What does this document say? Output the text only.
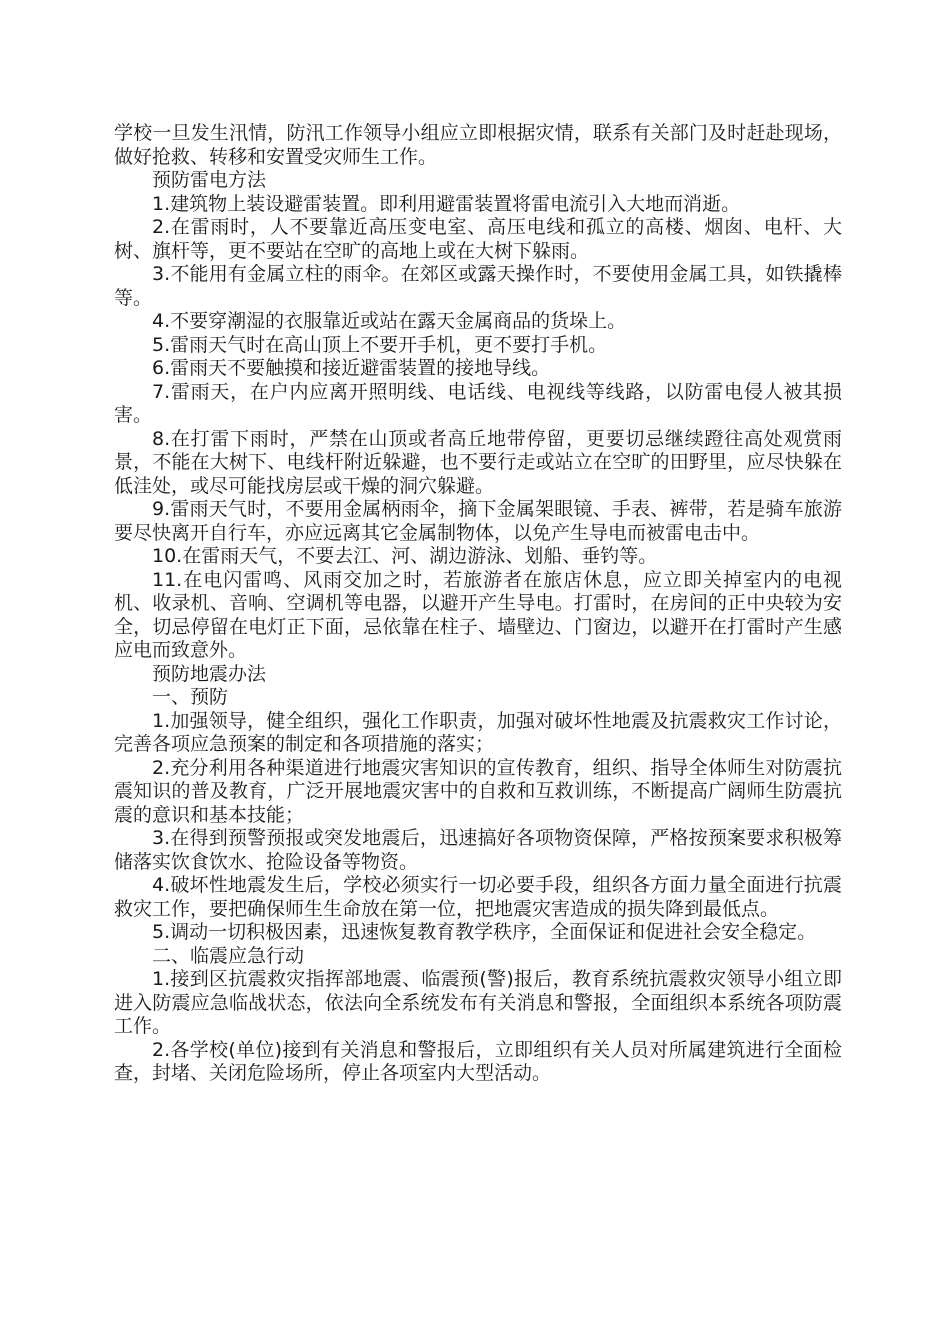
学校一旦发生汛情，防汛工作领导小组应立即根据灾情，联系有关部门及时赶赴现场，做好抢救、转移和安置受灾师生工作。

预防雷电方法

1.建筑物上装设避雷装置。即利用避雷装置将雷电流引入大地而消逝。

2.在雷雨时，人不要靠近高压变电室、高压电线和孤立的高楼、烟囱、电杆、大树、旗杆等，更不要站在空旷的高地上或在大树下躲雨。

3.不能用有金属立柱的雨伞。在郊区或露天操作时，不要使用金属工具，如铁撬棒等。

4.不要穿潮湿的衣服靠近或站在露天金属商品的货垛上。

5.雷雨天气时在高山顶上不要开手机，更不要打手机。

6.雷雨天不要触摸和接近避雷装置的接地导线。

7.雷雨天，在户内应离开照明线、电话线、电视线等线路，以防雷电侵人被其损害。

8.在打雷下雨时，严禁在山顶或者高丘地带停留，更要切忌继续蹬往高处观赏雨景，不能在大树下、电线杆附近躲避，也不要行走或站立在空旷的田野里，应尽快躲在低洼处，或尽可能找房层或干燥的洞穴躲避。

9.雷雨天气时，不要用金属柄雨伞，摘下金属架眼镜、手表、裤带，若是骑车旅游要尽快离开自行车，亦应远离其它金属制物体，以免产生导电而被雷电击中。

10.在雷雨天气，不要去江、河、湖边游泳、划船、垂钓等。

11.在电闪雷鸣、风雨交加之时，若旅游者在旅店休息，应立即关掉室内的电视机、收录机、音响、空调机等电器，以避开产生导电。打雷时，在房间的正中央较为安全，切忌停留在电灯正下面，忌依靠在柱子、墙壁边、门窗边，以避开在打雷时产生感应电而致意外。

预防地震办法

一、预防

1.加强领导，健全组织，强化工作职责，加强对破坏性地震及抗震救灾工作讨论，完善各项应急预案的制定和各项措施的落实；

2.充分利用各种渠道进行地震灾害知识的宣传教育，组织、指导全体师生对防震抗震知识的普及教育，广泛开展地震灾害中的自救和互救训练，不断提高广阔师生防震抗震的意识和基本技能；

3.在得到预警预报或突发地震后，迅速搞好各项物资保障，严格按预案要求积极筹储落实饮食饮水、抢险设备等物资。

4.破坏性地震发生后，学校必须实行一切必要手段，组织各方面力量全面进行抗震救灾工作，要把确保师生生命放在第一位，把地震灾害造成的损失降到最低点。

5.调动一切积极因素，迅速恢复教育教学秩序，全面保证和促进社会安全稳定。

二、临震应急行动

1.接到区抗震救灾指挥部地震、临震预(警)报后，教育系统抗震救灾领导小组立即进入防震应急临战状态，依法向全系统发布有关消息和警报，全面组织本系统各项防震工作。

2.各学校(单位)接到有关消息和警报后，立即组织有关人员对所属建筑进行全面检查，封堵、关闭危险场所，停止各项室内大型活动。
